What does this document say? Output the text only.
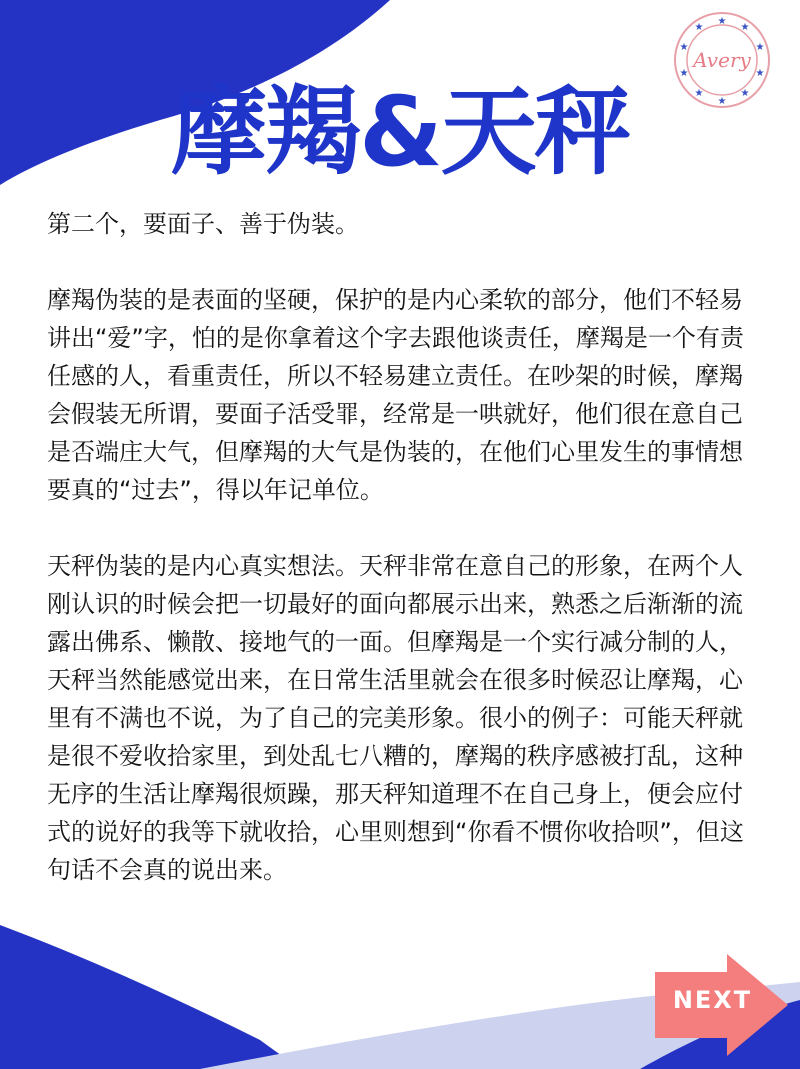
★
★	★
★	★
★	★
★	★
★
Avery
摩羯&天秤

第二个，要面子、善于伪装。

摩羯伪装的是表面的坚硬，保护的是内心柔软的部分，他们不轻易讲出“爱”字，怕的是你拿着这个字去跟他谈责任，摩羯是一个有责任感的人，看重责任，所以不轻易建立责任。在吵架的时候，摩羯会假装无所谓，要面子活受罪，经常是一哄就好，他们很在意自己是否端庄大气，但摩羯的大气是伪装的，在他们心里发生的事情想要真的“过去”，得以年记单位。

天秤伪装的是内心真实想法。天秤非常在意自己的形象，在两个人刚认识的时候会把一切最好的面向都展示出来，熟悉之后渐渐的流露出佛系、懒散、接地气的一面。但摩羯是一个实行减分制的人，天秤当然能感觉出来，在日常生活里就会在很多时候忍让摩羯，心里有不满也不说，为了自己的完美形象。很小的例子：可能天秤就是很不爱收拾家里，到处乱七八糟的，摩羯的秩序感被打乱，这种无序的生活让摩羯很烦躁，那天秤知道理不在自己身上，便会应付式的说好的我等下就收拾，心里则想到“你看不惯你收拾呗”，但这句话不会真的说出来。

NEXT
